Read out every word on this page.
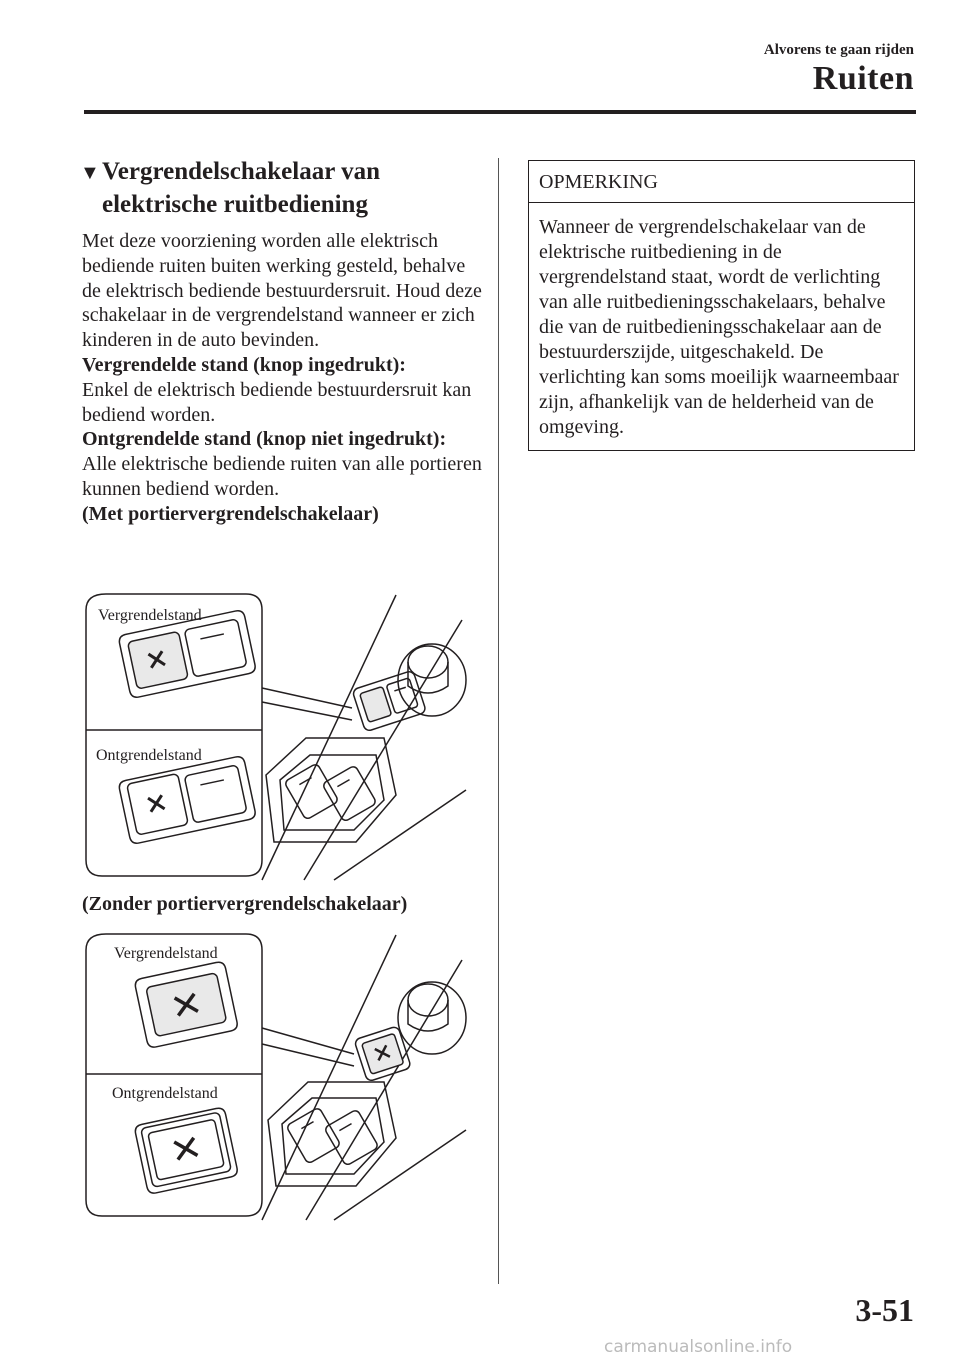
Alvorens te gaan rijden
Ruiten
▼Vergrendelschakelaar van
elektrische ruitbediening

Met deze voorziening worden alle elektrisch bediende ruiten buiten werking gesteld, behalve de elektrisch bediende bestuurdersruit. Houd deze schakelaar in de vergrendelstand wanneer er zich kinderen in de auto bevinden.

Vergrendelde stand (knop ingedrukt):

Enkel de elektrisch bediende bestuurdersruit kan bediend worden.

Ontgrendelde stand (knop niet ingedrukt):

Alle elektrische bediende ruiten van alle portieren kunnen bediend worden.

(Met portiervergrendelschakelaar)

Vergrendelstand
Ontgrendelstand
(Zonder portiervergrendelschakelaar)
Vergrendelstand
Ontgrendelstand
OPMERKING
Wanneer de vergrendelschakelaar van de elektrische ruitbediening in de vergrendelstand staat, wordt de verlichting van alle ruitbedieningsschakelaars, behalve die van de ruitbedieningsschakelaar aan de bestuurderszijde, uitgeschakeld. De verlichting kan soms moeilijk waarneembaar zijn, afhankelijk van de helderheid van de omgeving.
3-51
carmanualsonline.info
